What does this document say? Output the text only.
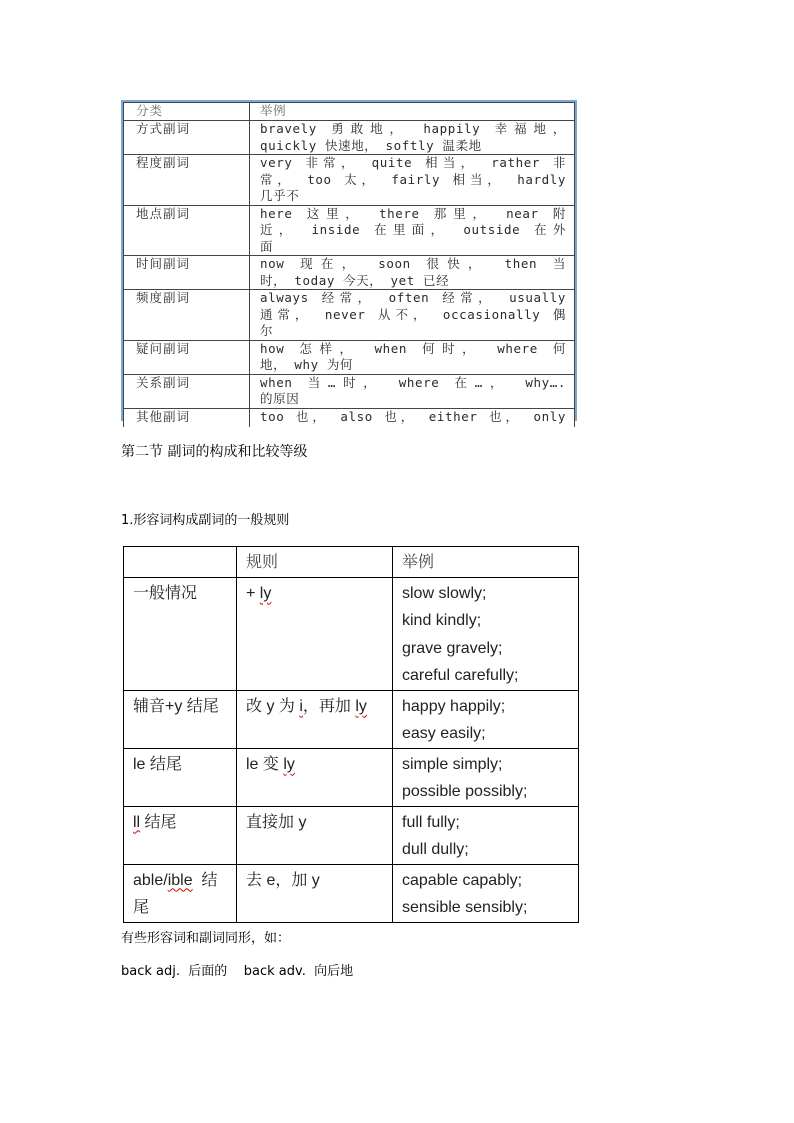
分类	举例
方式副词	bravely 勇敢地， happily 幸福地，
quickly 快速地， softly 温柔地

程度副词	very 非常， quite 相当， rather 非
常， too 太， fairly 相当， hardly
几乎不

地点副词	here 这里， there 那里， near 附
近， inside 在里面， outside 在外
面

时间副词	now 现在， soon 很快， then 当
时， today 今天， yet 已经

频度副词	always 经常， often 经常， usually
通常， never 从不， occasionally 偶
尔

疑问副词	how 怎样， when 何时， where 何
地， why 为何

关系副词	when 当…时， where 在…， why….
的原因

其他副词	too 也， also 也， either 也， only
第二节 副词的构成和比较等级
1.形容词构成副词的一般规则
	规则	举例
一般情况	+ ly	slow slowly;
kind kindly;
grave gravely;
careful carefully;

辅音+y 结尾	改 y 为 i，再加 ly	happy happily;
easy easily;

le 结尾	le 变 ly	simple simply;
possible possibly;

ll 结尾	直接加 y	full fully;
dull dully;

able/ible  结尾	去 e，加 y	capable capably;
sensible sensibly;
有些形容词和副词同形，如：
back adj.  后面的    back adv.  向后地
